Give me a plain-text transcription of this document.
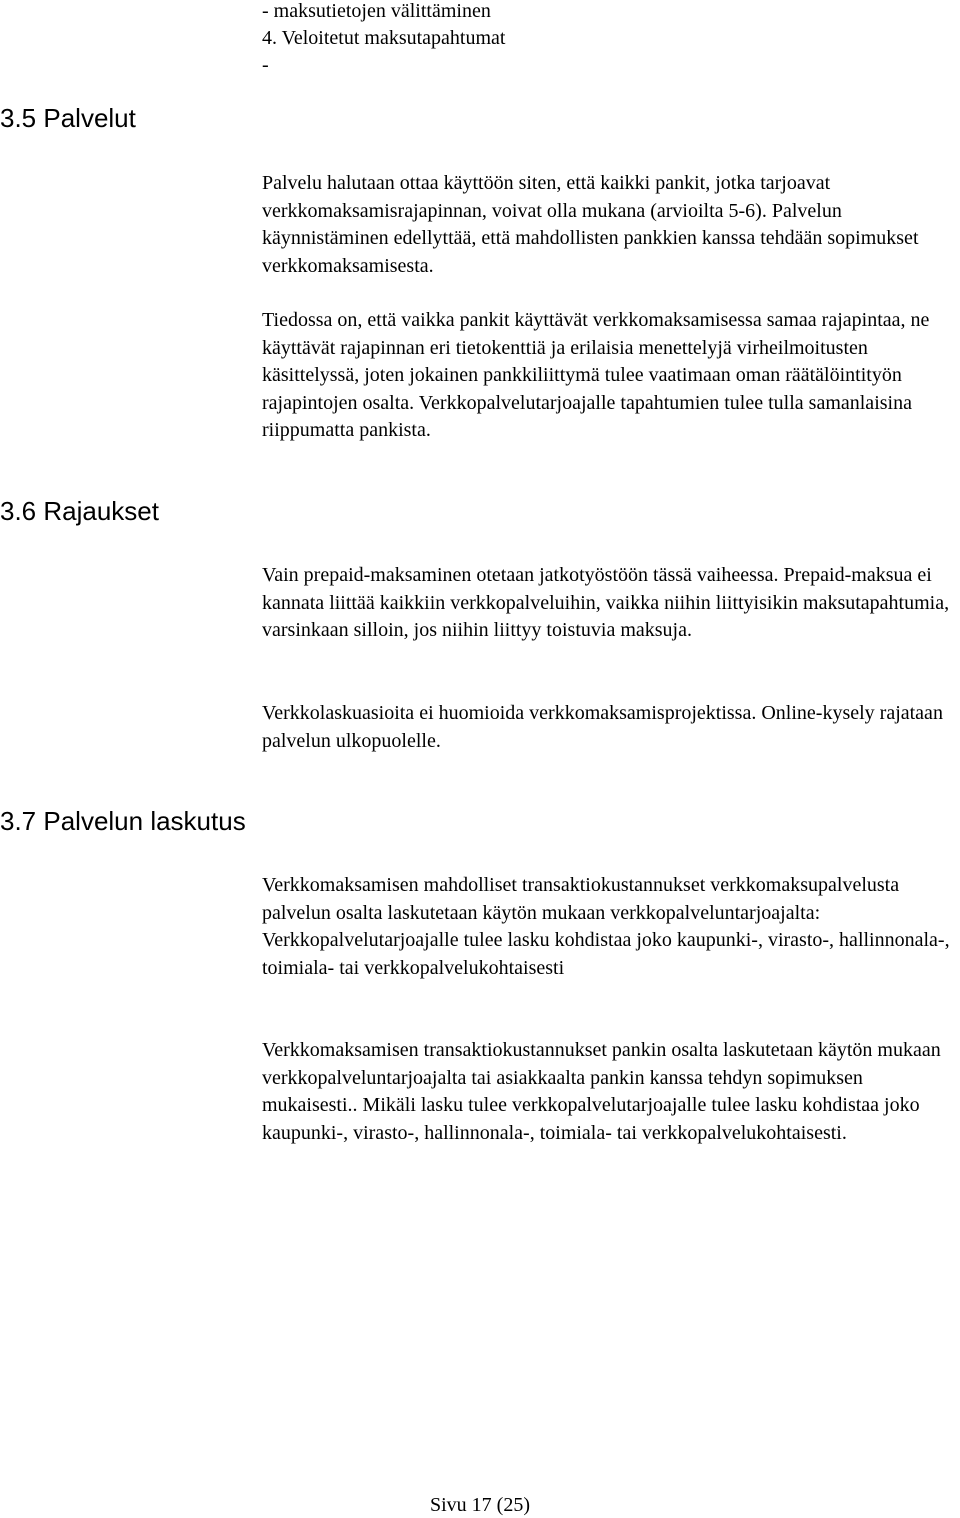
- maksutietojen välittäminen
4. Veloitetut maksutapahtumat
-
3.5 Palvelut

Palvelu halutaan ottaa käyttöön siten, että kaikki pankit, jotka tarjoavat verkkomaksamisrajapinnan, voivat olla mukana (arvioilta 5-6). Palvelun käynnistäminen edellyttää, että mahdollisten pankkien kanssa tehdään sopimukset verkkomaksamisesta.

Tiedossa on, että vaikka pankit käyttävät verkkomaksamisessa samaa rajapintaa, ne käyttävät rajapinnan eri tietokenttiä ja erilaisia menettelyjä virheilmoitusten käsittelyssä, joten jokainen pankkiliittymä tulee vaatimaan oman räätälöintityön rajapintojen osalta. Verkkopalvelutarjoajalle tapahtumien tulee tulla samanlaisina riippumatta pankista.

3.6 Rajaukset

Vain prepaid-maksaminen otetaan jatkotyöstöön tässä vaiheessa. Prepaid-maksua ei kannata liittää kaikkiin verkkopalveluihin, vaikka niihin liittyisikin maksutapahtumia, varsinkaan silloin, jos niihin liittyy toistuvia maksuja.

Verkkolaskuasioita ei huomioida verkkomaksamisprojektissa. Online-kysely rajataan palvelun ulkopuolelle.

3.7 Palvelun laskutus

Verkkomaksamisen mahdolliset transaktiokustannukset verkkomaksupalvelusta palvelun osalta laskutetaan käytön mukaan verkkopalveluntarjoajalta: Verkkopalvelutarjoajalle tulee lasku kohdistaa joko kaupunki-, virasto-, hallinnonala-, toimiala- tai verkkopalvelukohtaisesti

Verkkomaksamisen transaktiokustannukset pankin osalta laskutetaan käytön mukaan verkkopalveluntarjoajalta tai asiakkaalta pankin kanssa tehdyn sopimuksen mukaisesti.. Mikäli lasku tulee verkkopalvelutarjoajalle tulee lasku kohdistaa joko kaupunki-, virasto-, hallinnonala-, toimiala- tai verkkopalvelukohtaisesti.

Sivu 17 (25)
